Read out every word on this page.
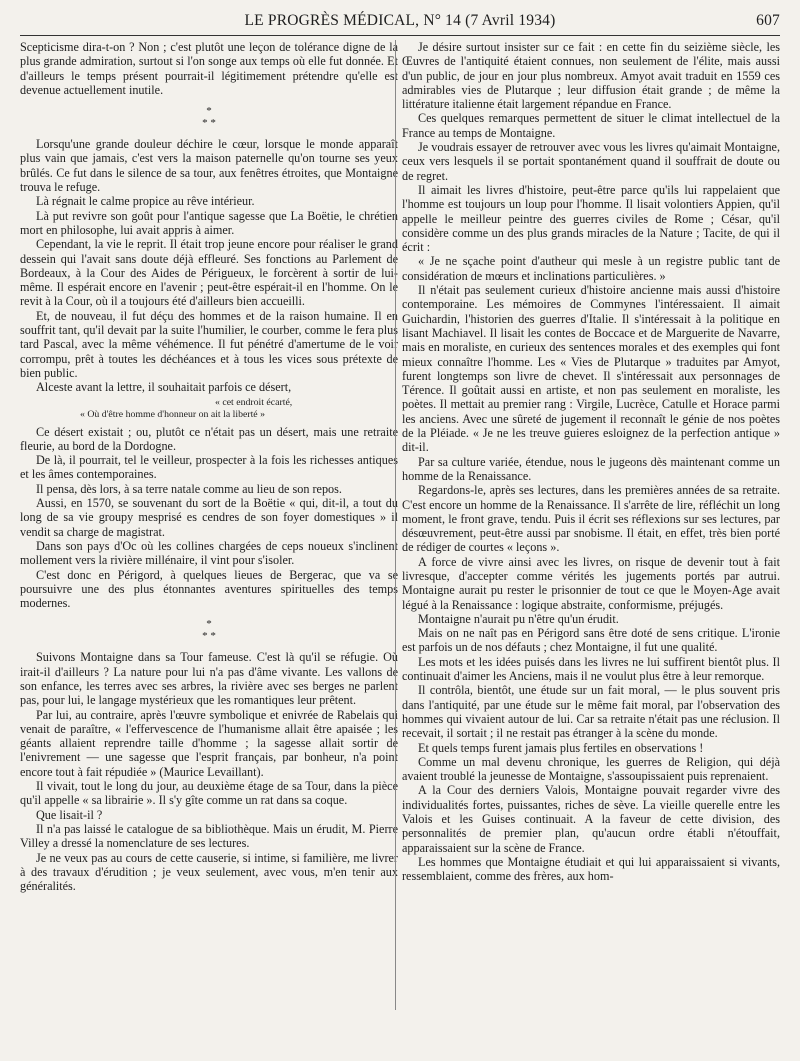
LE PROGRÈS MÉDICAL, N° 14 (7 Avril 1934)	607

Scepticisme dira-t-on ? Non ; c'est plutôt une leçon de tolérance digne de la plus grande admiration, surtout si l'on songe aux temps où elle fut donnée. Et d'ailleurs le temps présent pourrait-il légitimement prétendre qu'elle est devenue actuellement inutile.

*
* *

Lorsqu'une grande douleur déchire le cœur, lorsque le monde apparaît plus vain que jamais, c'est vers la maison paternelle qu'on tourne ses yeux brûlés. Ce fut dans le silence de sa tour, aux fenêtres étroites, que Montaigne trouva le refuge.

Là régnait le calme propice au rêve intérieur.

Là put revivre son goût pour l'antique sagesse que La Boëtie, le chrétien mort en philosophe, lui avait appris à aimer.

Cependant, la vie le reprit. Il était trop jeune encore pour réaliser le grand dessein qui l'avait sans doute déjà effleuré. Ses fonctions au Parlement de Bordeaux, à la Cour des Aides de Périgueux, le forcèrent à sortir de lui-même. Il espérait encore en l'avenir ; peut-être espérait-il en l'homme. On le revit à la Cour, où il a toujours été d'ailleurs bien accueilli.

Et, de nouveau, il fut déçu des hommes et de la raison humaine. Il en souffrit tant, qu'il devait par la suite l'humilier, le courber, comme le fera plus tard Pascal, avec la même véhémence. Il fut pénétré d'amertume de le voir corrompu, prêt à toutes les déchéances et à tous les vices sous prétexte de bien public.

Alceste avant la lettre, il souhaitait parfois ce désert,

« cet endroit écarté,
« Où d'être homme d'honneur on ait la liberté »

Ce désert existait ; ou, plutôt ce n'était pas un désert, mais une retraite fleurie, au bord de la Dordogne.

De là, il pourrait, tel le veilleur, prospecter à la fois les richesses antiques et les âmes contemporaines.

Il pensa, dès lors, à sa terre natale comme au lieu de son repos.

Aussi, en 1570, se souvenant du sort de la Boëtie « qui, dit-il, a tout du long de sa vie groupy mesprisé es cendres de son foyer domestiques » il vendit sa charge de magistrat.

Dans son pays d'Oc où les collines chargées de ceps noueux s'inclinent mollement vers la rivière millénaire, il vint pour s'isoler.

C'est donc en Périgord, à quelques lieues de Bergerac, que va se poursuivre une des plus étonnantes aventures spirituelles des temps modernes.

*
* *

Suivons Montaigne dans sa Tour fameuse. C'est là qu'il se réfugie. Où irait-il d'ailleurs ? La nature pour lui n'a pas d'âme vivante. Les vallons de son enfance, les terres avec ses arbres, la rivière avec ses berges ne parlent pas, pour lui, le langage mystérieux que les romantiques leur prêtent.

Par lui, au contraire, après l'œuvre symbolique et enivrée de Rabelais qui venait de paraître, « l'effervescence de l'humanisme allait être apaisée ; les géants allaient reprendre taille d'homme ; la sagesse allait sortir de l'enivrement — une sagesse que l'esprit français, par bonheur, n'a point encore tout à fait répudiée » (Maurice Levaillant).

Il vivait, tout le long du jour, au deuxième étage de sa Tour, dans la pièce qu'il appelle « sa librairie ». Il s'y gîte comme un rat dans sa coque.

Que lisait-il ?

Il n'a pas laissé le catalogue de sa bibliothèque. Mais un érudit, M. Pierre Villey a dressé la nomenclature de ses lectures.

Je ne veux pas au cours de cette causerie, si intime, si familière, me livrer à des travaux d'érudition ; je veux seulement, avec vous, m'en tenir aux généralités.

Je désire surtout insister sur ce fait : en cette fin du seizième siècle, les Œuvres de l'antiquité étaient connues, non seulement de l'élite, mais aussi d'un public, de jour en jour plus nombreux. Amyot avait traduit en 1559 ces admirables vies de Plutarque ; leur diffusion était grande ; de même la littérature italienne était largement répandue en France.

Ces quelques remarques permettent de situer le climat intellectuel de la France au temps de Montaigne.

Je voudrais essayer de retrouver avec vous les livres qu'aimait Montaigne, ceux vers lesquels il se portait spontanément quand il souffrait de doute ou de regret.

Il aimait les livres d'histoire, peut-être parce qu'ils lui rappelaient que l'homme est toujours un loup pour l'homme. Il lisait volontiers Appien, qu'il appelle le meilleur peintre des guerres civiles de Rome ; César, qu'il considère comme un des plus grands miracles de la Nature ; Tacite, de qui il écrit :

« Je ne sçache point d'autheur qui mesle à un registre public tant de considération de mœurs et inclinations particulières. »

Il n'était pas seulement curieux d'histoire ancienne mais aussi d'histoire contemporaine. Les mémoires de Commynes l'intéressaient. Il aimait Guichardin, l'historien des guerres d'Italie. Il s'intéressait à la politique en lisant Machiavel. Il lisait les contes de Boccace et de Marguerite de Navarre, mais en moraliste, en curieux des sentences morales et des exemples qui font mieux connaître l'homme. Les « Vies de Plutarque » traduites par Amyot, furent longtemps son livre de chevet. Il s'intéressait aux personnages de Térence. Il goûtait aussi en artiste, et non pas seulement en moraliste, les poètes. Il mettait au premier rang : Virgile, Lucrèce, Catulle et Horace parmi les anciens. Avec une sûreté de jugement il reconnaît le génie de nos poètes de la Pléiade. « Je ne les treuve guieres esloignez de la perfection antique » dit-il.

Par sa culture variée, étendue, nous le jugeons dès maintenant comme un homme de la Renaissance.

Regardons-le, après ses lectures, dans les premières années de sa retraite. C'est encore un homme de la Renaissance. Il s'arrête de lire, réfléchit un long moment, le front grave, tendu. Puis il écrit ses réflexions sur ses lectures, par désœuvrement, peut-être aussi par snobisme. Il était, en effet, très bien porté de rédiger de courtes « leçons ».

A force de vivre ainsi avec les livres, on risque de devenir tout à fait livresque, d'accepter comme vérités les jugements portés par autrui. Montaigne aurait pu rester le prisonnier de tout ce que le Moyen-Age avait légué à la Renaissance : logique abstraite, conformisme, préjugés.

Montaigne n'aurait pu n'être qu'un érudit.

Mais on ne naît pas en Périgord sans être doté de sens critique. L'ironie est parfois un de nos défauts ; chez Montaigne, il fut une qualité.

Les mots et les idées puisés dans les livres ne lui suffirent bientôt plus. Il continuait d'aimer les Anciens, mais il ne voulut plus être à leur remorque.

Il contrôla, bientôt, une étude sur un fait moral, — le plus souvent pris dans l'antiquité, par une étude sur le même fait moral, par l'observation des hommes qui vivaient autour de lui. Car sa retraite n'était pas une réclusion. Il recevait, il sortait ; il ne restait pas étranger à la scène du monde.

Et quels temps furent jamais plus fertiles en observations !

Comme un mal devenu chronique, les guerres de Religion, qui déjà avaient troublé la jeunesse de Montaigne, s'assoupissaient puis reprenaient.

A la Cour des derniers Valois, Montaigne pouvait regarder vivre des individualités fortes, puissantes, riches de sève. La vieille querelle entre les Valois et les Guises continuait. A la faveur de cette division, des personnalités de premier plan, qu'aucun ordre établi n'étouffait, apparaissaient sur la scène de France.

Les hommes que Montaigne étudiait et qui lui apparaissaient si vivants, ressemblaient, comme des frères, aux hom-
